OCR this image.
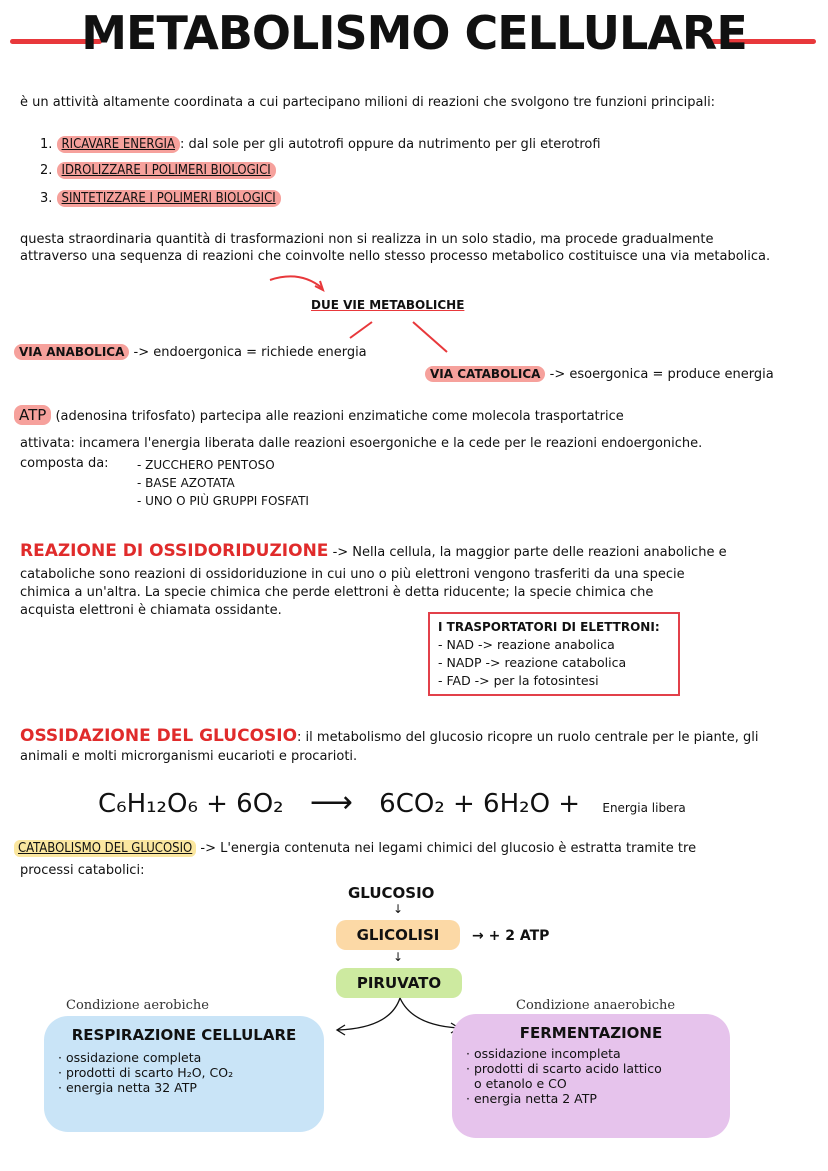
METABOLISMO CELLULARE
è un attività altamente coordinata a cui partecipano milioni di reazioni che svolgono tre funzioni principali:
1. RICAVARE ENERGIA : dal sole per gli autotrofi oppure da nutrimento per gli eterotrofi
2. IDROLIZZARE I POLIMERI BIOLOGICI
3. SINTETIZZARE I POLIMERI BIOLOGICI
questa straordinaria quantità di trasformazioni non si realizza in un solo stadio, ma procede gradualmente attraverso una sequenza di reazioni che coinvolte nello stesso processo metabolico costituisce una via metabolica.
DUE VIE METABOLICHE
VIA ANABOLICA -> endoergonica = richiede energia
VIA CATABOLICA -> esoergonica = produce energia
ATP (adenosina trifosfato) partecipa alle reazioni enzimatiche come molecola trasportatrice
attivata: incamera l'energia liberata dalle reazioni esoergoniche e la cede per le reazioni endoergoniche.
composta da: - ZUCCHERO PENTOSO
- BASE AZOTATA
- UNO O PIÙ GRUPPI FOSFATI
REAZIONE DI OSSIDORIDUZIONE -> Nella cellula, la maggior parte delle reazioni anaboliche e
cataboliche sono reazioni di ossidoriduzione in cui uno o più elettroni vengono trasferiti da una specie
chimica a un'altra. La specie chimica che perde elettroni è detta riducente; la specie chimica che
acquista elettroni è chiamata ossidante.
I TRASPORTATORI DI ELETTRONI:
- NAD -> reazione anabolica
- NADP -> reazione catabolica
- FAD -> per la fotosintesi
OSSIDAZIONE DEL GLUCOSIO: il metabolismo del glucosio ricopre un ruolo centrale per le piante, gli
animali e molti microrganismi eucarioti e procarioti.
C₆H₁₂O₆ + 6O₂ ⟶ 6CO₂ + 6H₂O + Energia libera
CATABOLISMO DEL GLUCOSIO -> L'energia contenuta nei legami chimici del glucosio è estratta tramite tre
processi catabolici:
GLUCOSIO
↓
GLICOLISI	→ + 2 ATP
↓
PIRUVATO
Condizione aerobiche	Condizione anaerobiche
RESPIRAZIONE CELLULARE
· ossidazione completa
· prodotti di scarto H₂O, CO₂
· energia netta 32 ATP
FERMENTAZIONE
· ossidazione incompleta
· prodotti di scarto acido lattico
o etanolo e CO
· energia netta 2 ATP
